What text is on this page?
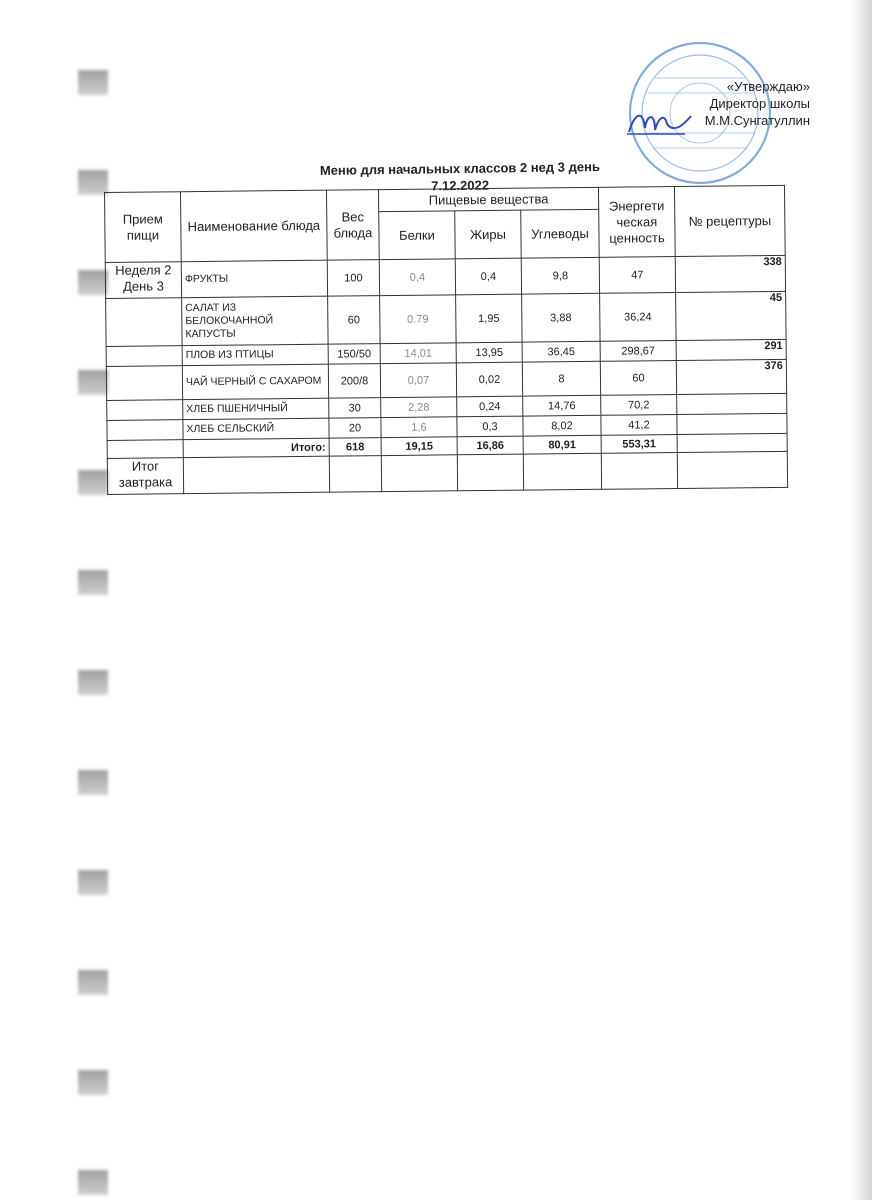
«Утверждаю»
Директор школы
М.М.Сунгатуллин
Меню для начальных классов 2 нед 3 день
7.12.2022
Прием пищи	Наименование блюда	Вес блюда	Пищевые вещества			Энергети ческая ценность	№ рецептуры
			Белки	Жиры	Углеводы		
Неделя 2 День 3	ФРУКТЫ	100	0,4	0,4	9,8	47	338
	САЛАТ ИЗ БЕЛОКОЧАННОЙ КАПУСТЫ	60	0.79	1,95	3,88	36,24	45
	ПЛОВ ИЗ ПТИЦЫ	150/50	14,01	13,95	36,45	298,67	291
	ЧАЙ ЧЕРНЫЙ С САХАРОМ	200/8	0,07	0,02	8	60	376
	ХЛЕБ ПШЕНИЧНЫЙ	30	2,28	0,24	14,76	70,2	
	ХЛЕБ СЕЛЬСКИЙ	20	1,6	0,3	8,02	41,2	
	Итого:	618	19,15	16,86	80,91	553,31	
Итог завтрака							
